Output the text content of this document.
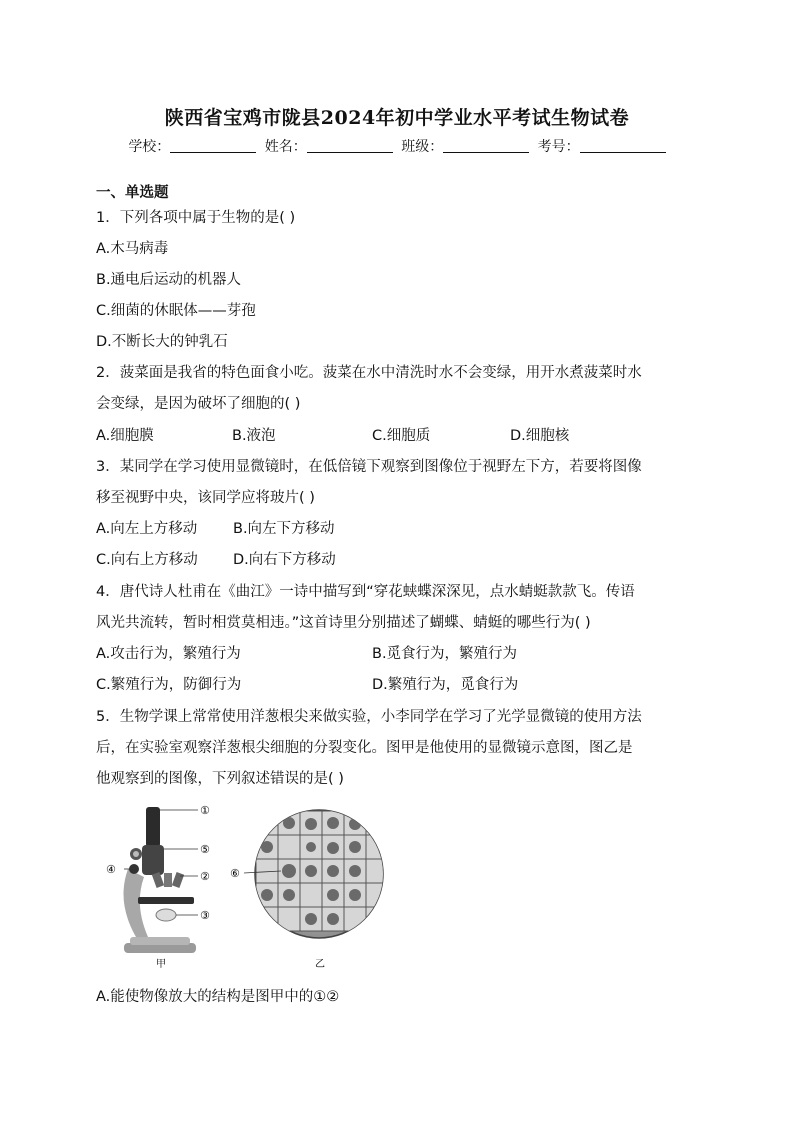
陕西省宝鸡市陇县2024年初中学业水平考试生物试卷
学校：	姓名：	班级：	考号：
一、单选题
1．下列各项中属于生物的是( )
A.木马病毒
B.通电后运动的机器人
C.细菌的休眠体——芽孢
D.不断长大的钟乳石
2．菠菜面是我省的特色面食小吃。菠菜在水中清洗时水不会变绿，用开水煮菠菜时水
会变绿，是因为破坏了细胞的( )
A.细胞膜	B.液泡	C.细胞质	D.细胞核
3．某同学在学习使用显微镜时，在低倍镜下观察到图像位于视野左下方，若要将图像
移至视野中央，该同学应将玻片( )
A.向左上方移动 B.向左下方移动
C.向右上方移动 D.向右下方移动
4．唐代诗人杜甫在《曲江》一诗中描写到“穿花蛱蝶深深见，点水蜻蜓款款飞。传语
风光共流转，暂时相赏莫相违。”这首诗里分别描述了蝴蝶、蜻蜓的哪些行为( )
A.攻击行为，繁殖行为	B.觅食行为，繁殖行为
C.繁殖行为，防御行为	D.繁殖行为，觅食行为
5．生物学课上常常使用洋葱根尖来做实验，小李同学在学习了光学显微镜的使用方法
后，在实验室观察洋葱根尖细胞的分裂变化。图甲是他使用的显微镜示意图，图乙是
他观察到的图像，下列叙述错误的是( )
①
⑤
④
②
③
甲
⑥
乙
A.能使物像放大的结构是图甲中的①②
